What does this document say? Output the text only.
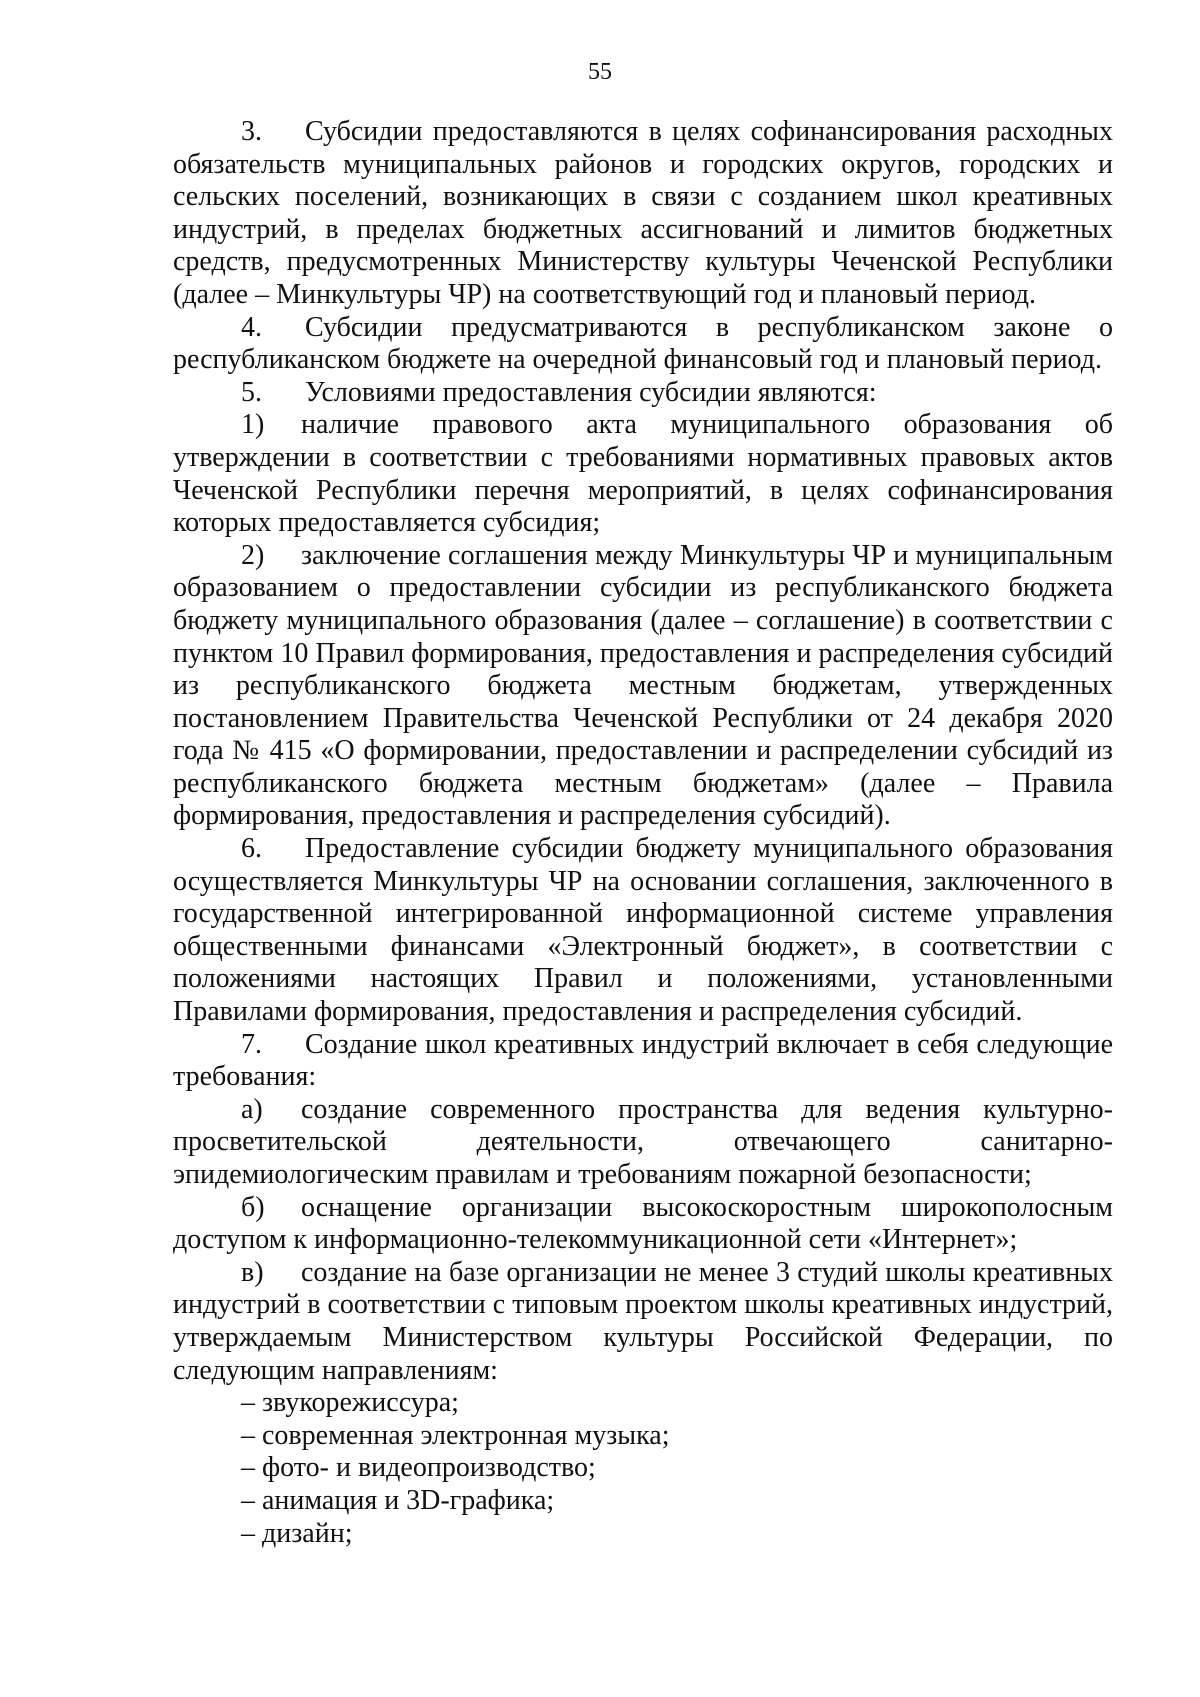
55

3. Субсидии предоставляются в целях софинансирования расходных обязательств муниципальных районов и городских округов, городских и сельских поселений, возникающих в связи с созданием школ креативных индустрий, в пределах бюджетных ассигнований и лимитов бюджетных средств, предусмотренных Министерству культуры Чеченской Республики (далее – Минкультуры ЧР) на соответствующий год и плановый период.

4. Субсидии предусматриваются в республиканском законе о республиканском бюджете на очередной финансовый год и плановый период.

5. Условиями предоставления субсидии являются:

1) наличие правового акта муниципального образования об утверждении в соответствии с требованиями нормативных правовых актов Чеченской Республики перечня мероприятий, в целях софинансирования которых предоставляется субсидия;

2) заключение соглашения между Минкультуры ЧР и муниципальным образованием о предоставлении субсидии из республиканского бюджета бюджету муниципального образования (далее – соглашение) в соответствии с пунктом 10 Правил формирования, предоставления и распределения субсидий из республиканского бюджета местным бюджетам, утвержденных постановлением Правительства Чеченской Республики от 24 декабря 2020 года № 415 «О формировании, предоставлении и распределении субсидий из республиканского бюджета местным бюджетам» (далее – Правила формирования, предоставления и распределения субсидий).

6. Предоставление субсидии бюджету муниципального образования осуществляется Минкультуры ЧР на основании соглашения, заключенного в государственной интегрированной информационной системе управления общественными финансами «Электронный бюджет», в соответствии с положениями настоящих Правил и положениями, установленными Правилами формирования, предоставления и распределения субсидий.

7. Создание школ креативных индустрий включает в себя следующие требования:

а) создание современного пространства для ведения культурно-просветительской деятельности, отвечающего санитарно-эпидемиологическим правилам и требованиям пожарной безопасности;

б) оснащение организации высокоскоростным широкополосным доступом к информационно-телекоммуникационной сети «Интернет»;

в) создание на базе организации не менее 3 студий школы креативных индустрий в соответствии с типовым проектом школы креативных индустрий, утверждаемым Министерством культуры Российской Федерации, по следующим направлениям:

– звукорежиссура;

– современная электронная музыка;

– фото- и видеопроизводство;

– анимация и 3D-графика;

– дизайн;
